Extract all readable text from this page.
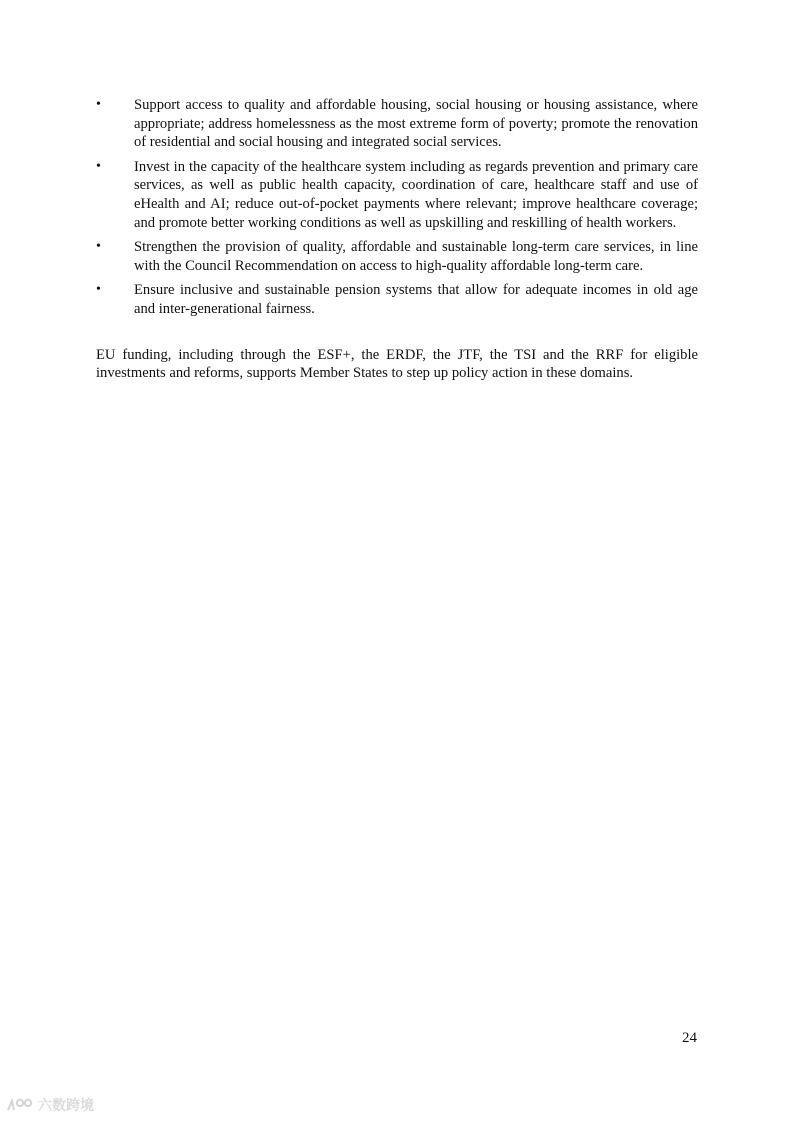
•	Support access to quality and affordable housing, social housing or housing assistance, where appropriate; address homelessness as the most extreme form of poverty; promote the renovation of residential and social housing and integrated social services.
•	Invest in the capacity of the healthcare system including as regards prevention and primary care services, as well as public health capacity, coordination of care, healthcare staff and use of eHealth and AI; reduce out-of-pocket payments where relevant; improve healthcare coverage; and promote better working conditions as well as upskilling and reskilling of health workers.
•	Strengthen the provision of quality, affordable and sustainable long-term care services, in line with the Council Recommendation on access to high-quality affordable long-term care.
•	Ensure inclusive and sustainable pension systems that allow for adequate incomes in old age and inter-generational fairness.

EU funding, including through the ESF+, the ERDF, the JTF, the TSI and the RRF for eligible investments and reforms, supports Member States to step up policy action in these domains.

24
六数跨境
